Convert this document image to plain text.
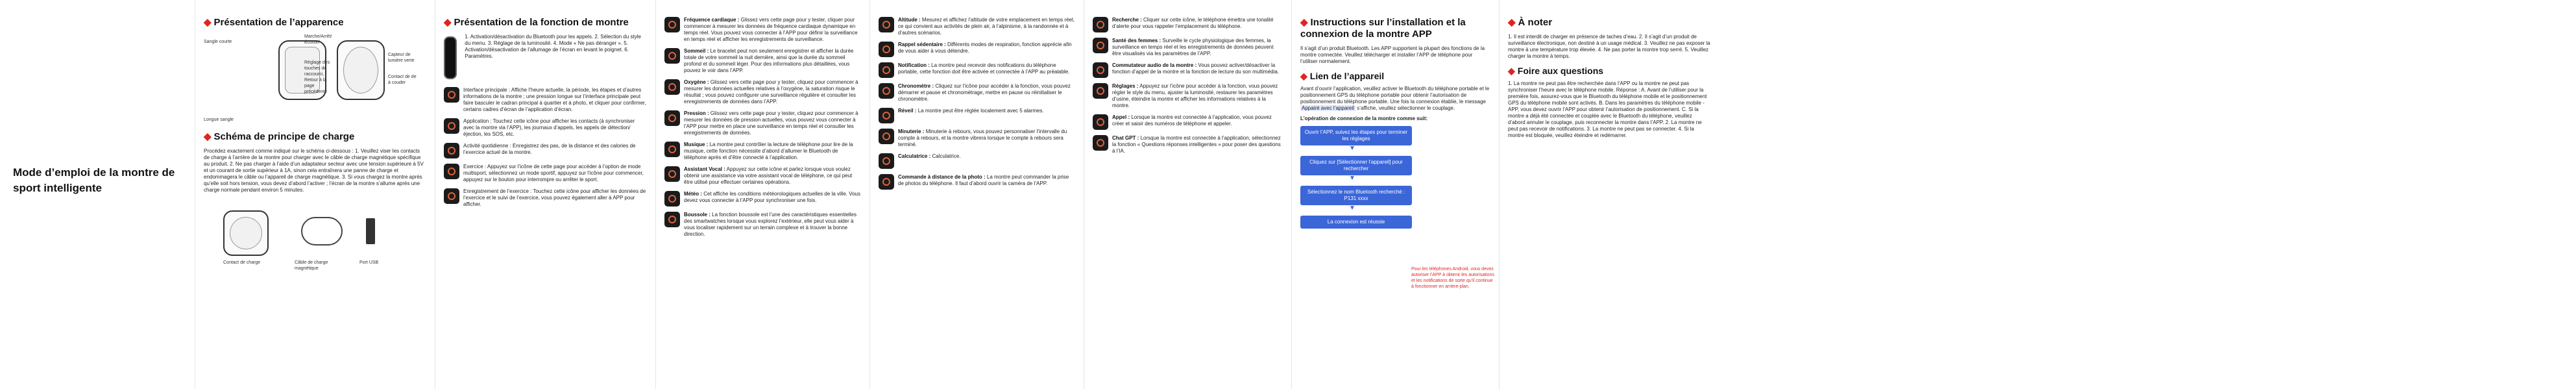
Mode d’emploi de la montre de sport intelligente
◆ Présentation de l’apparence
Sangle courte
Marche/Arrêt/ Écoute/
Réglage des touches de raccourci, Retour à la page précédente
Capteur de lumière verte
Contact de de à couder
Longue sangle
◆ Schéma de principe de charge

Procédez exactement comme indiqué sur le schéma ci-dessous : 1. Veuillez viser les contacts de charge à l’arrière de la montre pour charger avec le câble de charge magnétique spécifique au produit. 2. Ne pas charger à l’aide d’un adaptateur secteur avec une tension supérieure à 5V et un courant de sortie supérieur à 1A, sinon cela entraînera une panne de charge et endommagera le câble ou l’appareil de charge magnétique. 3. Si vous chargez la montre après qu’elle soit hors tension, vous devez d’abord l’activer ; l’écran de la montre s’allume après une charge normale pendant environ 5 minutes.

Contact de charge	Câble de charge magnétique
Port USB
◆ Présentation de la fonction de montre

1. Activation/désactivation du Bluetooth pour les appels. 2. Sélection du style du menu. 3. Réglage de la luminosité. 4. Mode « Ne pas déranger ». 5. Activation/désactivation de l’allumage de l’écran en levant le poignet. 6. Paramètres.

Interface principale : Affiche l’heure actuelle, la période, les étapes et d’autres informations de la montre ; une pression longue sur l’interface principale peut faire basculer le cadran principal à quartier et à photo, et cliquer pour confirmer, certains cadres d’écran de l’application d’écran.

Application : Touchez cette icône pour afficher les contacts (à synchroniser avec la montre via l’APP), les journaux d’appels, les appels de détection/éjection, les SOS, etc.

Activité quotidienne : Enregistrez des pas, de la distance et des calories de l’exercice actuel de la montre.

Exercice : Appuyez sur l’icône de cette page pour accéder à l’option de mode multisport, sélectionnez un mode sportif, appuyez sur l’icône pour commencer, appuyez sur le bouton pour interrompre ou arrêter le sport.

Enregistrement de l’exercice : Touchez cette icône pour afficher les données de l’exercice et le suivi de l’exercice, vous pouvez également aller à APP pour afficher.

Fréquence cardiaque : Glissez vers cette page pour y tester, cliquer pour commencer à mesurer les données de fréquence cardiaque dynamique en temps réel. Vous pouvez vous connecter à l’APP pour définir la surveillance en temps réel et afficher les enregistrements de surveillance.

Sommeil : Le bracelet peut non seulement enregistrer et afficher la durée totale de votre sommeil la nuit dernière, ainsi que la durée du sommeil profond et du sommeil léger. Pour des informations plus détaillées, vous pouvez le voir dans l’APP.

Oxygène : Glissez vers cette page pour y tester, cliquez pour commencer à mesurer les données actuelles relatives à l’oxygène, la saturation risque le résultat ; vous pouvez configurer une surveillance régulière et consulter les enregistrements de données dans l’APP.

Pression : Glissez vers cette page pour y tester, cliquez pour commencer à mesurer les données de pression actuelles, vous pouvez vous connecter à l’APP pour mettre en place une surveillance en temps réel et consulter les enregistrements de données.

Musique : La montre peut contrôler la lecture de téléphone pour lire de la musique, cette fonction nécessite d’abord d’allumer le Bluetooth de téléphone après et d’être connecté à l’application.

Assistant Vocal : Appuyez sur cette icône et parlez lorsque vous voulez obtenir une assistance via votre assistant vocal de téléphone, ce qui peut être utilisé pour effectuer certaines opérations.

Météo : Cet affiche les conditions météorologiques actuelles de la ville. Vous devez vous connecter à l’APP pour synchroniser une fois.

Boussole : La fonction boussole est l’une des caractéristiques essentielles des smartwatches lorsque vous explorez l’extérieur, elle peut vous aider à vous localiser rapidement sur un terrain complexe et à trouver la bonne direction.

Altitude : Mesurez et affichez l’altitude de votre emplacement en temps réel, ce qui convient aux activités de plein air, à l’alpinisme, à la randonnée et à d’autres scénarios.

Rappel sédentaire : Différents modes de respiration, fonction apprécie afin de vous aider à vous détendre.

Notification : La montre peut recevoir des notifications du téléphone portable, cette fonction doit être activée et connectée à l’APP au préalable.

Chronomètre : Cliquez sur l’icône pour accéder à la fonction, vous pouvez démarrer et pause et chronométrage, mettre en pause ou réinitialiser le chronomètre.

Réveil : La montre peut être réglée localement avec 5 alarmes.

Minuterie : Minuterie à rebours, vous pouvez personnaliser l’intervalle du compte à rebours, et la montre vibrera lorsque le compte à rebours sera terminé.

Calculatrice : Calculatrice.

Commande à distance de la photo : La montre peut commander la prise de photos du téléphone. Il faut d’abord ouvrir la caméra de l’APP.

Recherche : Cliquer sur cette icône, le téléphone émettra une tonalité d’alerte pour vous rappeler l’emplacement du téléphone.

Santé des femmes : Surveille le cycle physiologique des femmes, la surveillance en temps réel et les enregistrements de données peuvent être visualisés via les paramètres de l’APP.

Commutateur audio de la montre : Vous pouvez activer/désactiver la fonction d’appel de la montre et la fonction de lecture du son multimédia.

Réglages : Appuyez sur l’icône pour accéder à la fonction, vous pouvez régler le style du menu, ajuster la luminosité, restaurer les paramètres d’usine, éteindre la montre et afficher les informations relatives à la montre.

Appel : Lorsque la montre est connectée à l’application, vous pouvez créer et saisir des numéros de téléphone et appeler.

Chat GPT : Lorsque la montre est connectée à l’application, sélectionnez la fonction « Questions réponses intelligentes » pour poser des questions à l’IA.

◆ Instructions sur l’installation et la connexion de la montre APP

Il s’agit d’un produit Bluetooth. Les APP supportent la plupart des fonctions de la montre connectée. Veuillez télécharger et installer l’APP de téléphone pour l’utiliser normalement.

◆ Lien de l’appareil

Avant d’ouvrir l’application, veuillez activer le Bluetooth du téléphone portable et le positionnement GPS du téléphone portable pour obtenir l’autorisation de positionnement du téléphone portable. Une fois la connexion établie, le message Appairé avec l’appareil s’affiche, veuillez sélectionner le couplage.

L’opération de connexion de la montre comme suit:

Ouvrir l’APP, suivez les étapes pour terminer les réglages
▼
Cliquez sur [Sélectionner l’appareil] pour rechercher
▼
Sélectionnez le nom Bluetooth recherché : P131 xxxx
▼
La connexion est réussie
Pour les téléphones Android, vous devez autoriser l’APP à obtenir les autorisations et les notifications de sorte qu’il continue à fonctionner en arrière-plan.
◆ À noter

1. Il est interdit de charger en présence de taches d’eau. 2. Il s’agit d’un produit de surveillance électronique, non destiné à un usage médical. 3. Veuillez ne pas exposer la montre à une température trop élevée. 4. Ne pas porter la montre trop serré. 5. Veuillez charger la montre à temps.

◆ Foire aux questions

1. La montre ne peut pas être recherchée dans l’APP ou la montre ne peut pas synchroniser l’heure avec le téléphone mobile. Réponse : A. Avant de l’utiliser pour la première fois, assurez-vous que le Bluetooth du téléphone mobile et le positionnement GPS du téléphone mobile sont activés. B. Dans les paramètres du téléphone mobile - APP, vous devez ouvrir l’APP pour obtenir l’autorisation de positionnement. C. Si la montre a déjà été connectée et couplée avec le Bluetooth du téléphone, veuillez d’abord annuler le couplage, puis reconnecter la montre dans l’APP. 2. La montre ne peut pas recevoir de notifications. 3. La montre ne peut pas se connecter. 4. Si la montre est bloquée, veuillez éteindre et redémarrer.
